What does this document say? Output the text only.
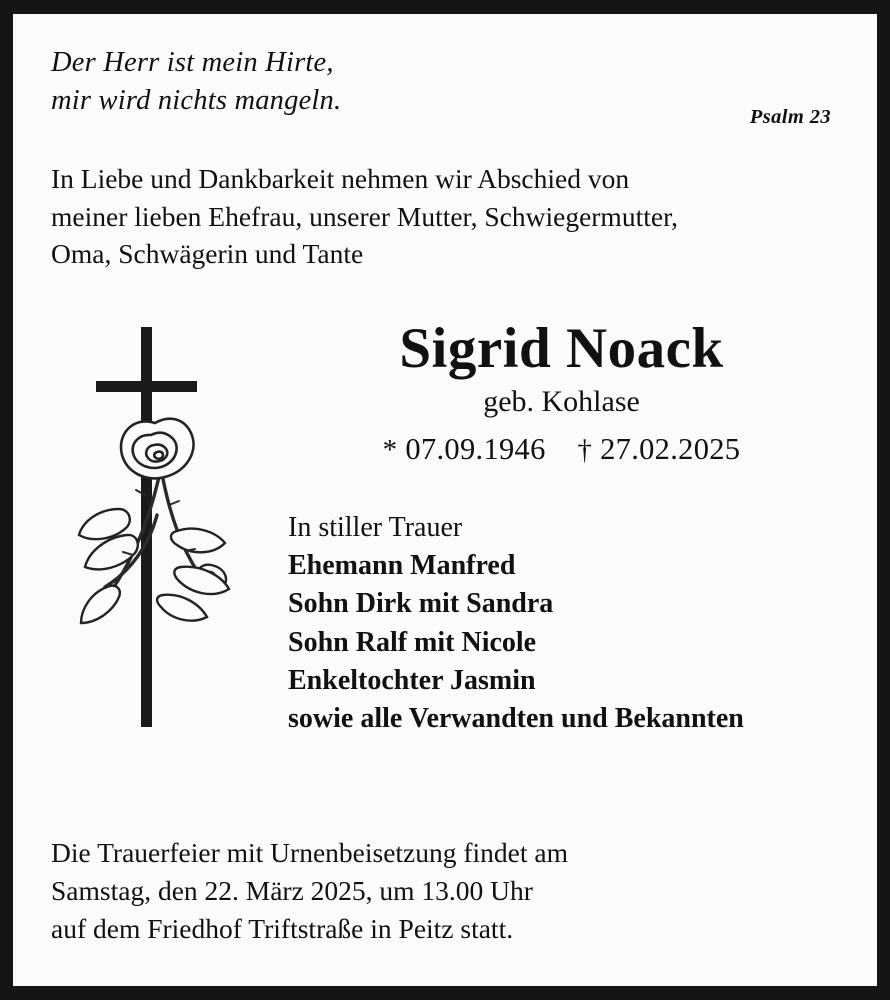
Der Herr ist mein Hirte,
mir wird nichts mangeln.
Psalm 23
In Liebe und Dankbarkeit nehmen wir Abschied von
meiner lieben Ehefrau, unserer Mutter, Schwiegermutter,
Oma, Schwägerin und Tante
Sigrid Noack
geb. Kohlase
* 07.09.1946 † 27.02.2025
In stiller Trauer
Ehemann Manfred
Sohn Dirk mit Sandra
Sohn Ralf mit Nicole
Enkeltochter Jasmin
sowie alle Verwandten und Bekannten
Die Trauerfeier mit Urnenbeisetzung findet am
Samstag, den 22. März 2025, um 13.00 Uhr
auf dem Friedhof Triftstraße in Peitz statt.
